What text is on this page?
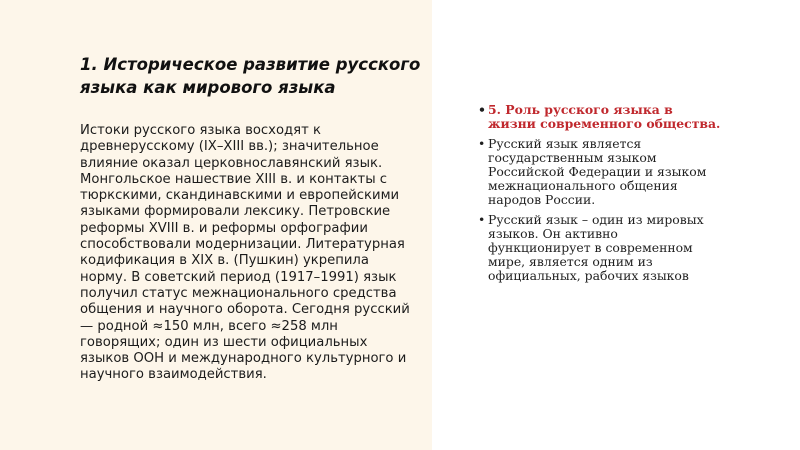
1. Историческое развитие русского языка как мирового языка

Истоки русского языка восходят к древнерусскому (IX–XIII вв.); значительное влияние оказал церковнославянский язык. Монгольское нашествие XIII в. и контакты с тюркскими, скандинавскими и европейскими языками формировали лексику. Петровские реформы XVIII в. и реформы орфографии способствовали модернизации. Литературная кодификация в XIX в. (Пушкин) укрепила норму. В советский период (1917–1991) язык получил статус межнационального средства общения и научного оборота. Сегодня русский — родной ≈150 млн, всего ≈258 млн говорящих; один из шести официальных языков ООН и международного культурного и научного взаимодействия.

• 5. Роль русского языка в жизни современного общества.

• Русский язык является государственным языком Российской Федерации и языком межнационального общения народов России.

• Русский язык – один из мировых языков. Он активно функционирует в современном мире, является одним из официальных, рабочих языков
